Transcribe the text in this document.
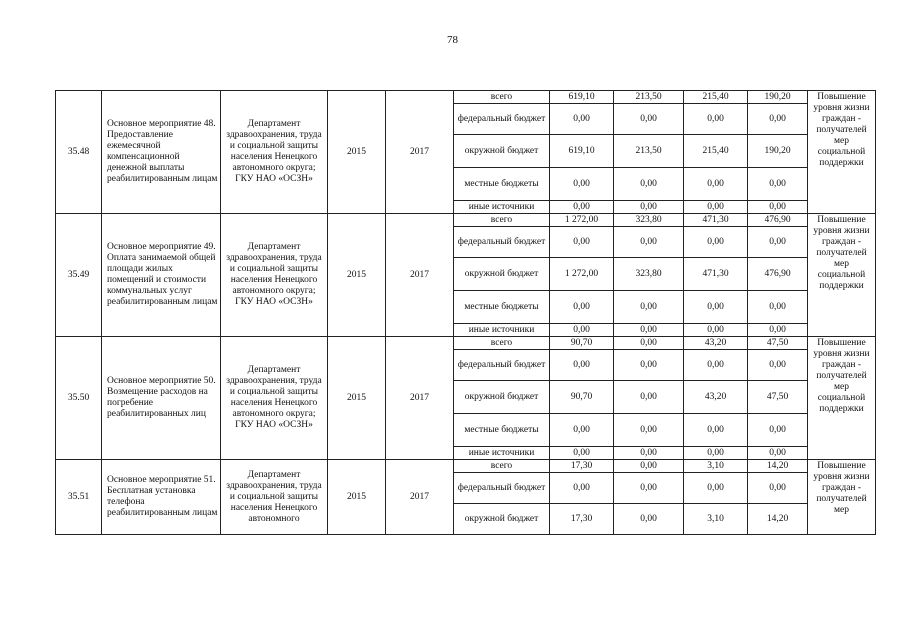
78
35.48	Основное мероприятие 48. Предоставление ежемесячной компенсационной денежной выплаты реабилитированным лицам	Департамент здравоохранения, труда и социальной защиты населения Ненецкого автономного округа; ГКУ НАО «ОСЗН»	2015	2017	всего	619,10	213,50	215,40	190,20	Повышение уровня жизни граждан - получателей мер социальной поддержки
					федеральный бюджет	0,00	0,00	0,00	0,00	
					окружной бюджет	619,10	213,50	215,40	190,20	
					местные бюджеты	0,00	0,00	0,00	0,00	
					иные источники	0,00	0,00	0,00	0,00	
35.49	Основное мероприятие 49. Оплата занимаемой общей площади жилых помещений и стоимости коммунальных услуг реабилитированным лицам	Департамент здравоохранения, труда и социальной защиты населения Ненецкого автономного округа; ГКУ НАО «ОСЗН»	2015	2017	всего	1 272,00	323,80	471,30	476,90	Повышение уровня жизни граждан - получателей мер социальной поддержки
					федеральный бюджет	0,00	0,00	0,00	0,00	
					окружной бюджет	1 272,00	323,80	471,30	476,90	
					местные бюджеты	0,00	0,00	0,00	0,00	
					иные источники	0,00	0,00	0,00	0,00	
35.50	Основное мероприятие 50. Возмещение расходов на погребение реабилитированных лиц	Департамент здравоохранения, труда и социальной защиты населения Ненецкого автономного округа; ГКУ НАО «ОСЗН»	2015	2017	всего	90,70	0,00	43,20	47,50	Повышение уровня жизни граждан - получателей мер социальной поддержки
					федеральный бюджет	0,00	0,00	0,00	0,00	
					окружной бюджет	90,70	0,00	43,20	47,50	
					местные бюджеты	0,00	0,00	0,00	0,00	
					иные источники	0,00	0,00	0,00	0,00	
35.51	Основное мероприятие 51. Бесплатная установка телефона реабилитированным лицам	Департамент здравоохранения, труда и социальной защиты населения Ненецкого автономного	2015	2017	всего	17,30	0,00	3,10	14,20	Повышение уровня жизни граждан - получателей мер
					федеральный бюджет	0,00	0,00	0,00	0,00	
					окружной бюджет	17,30	0,00	3,10	14,20	
